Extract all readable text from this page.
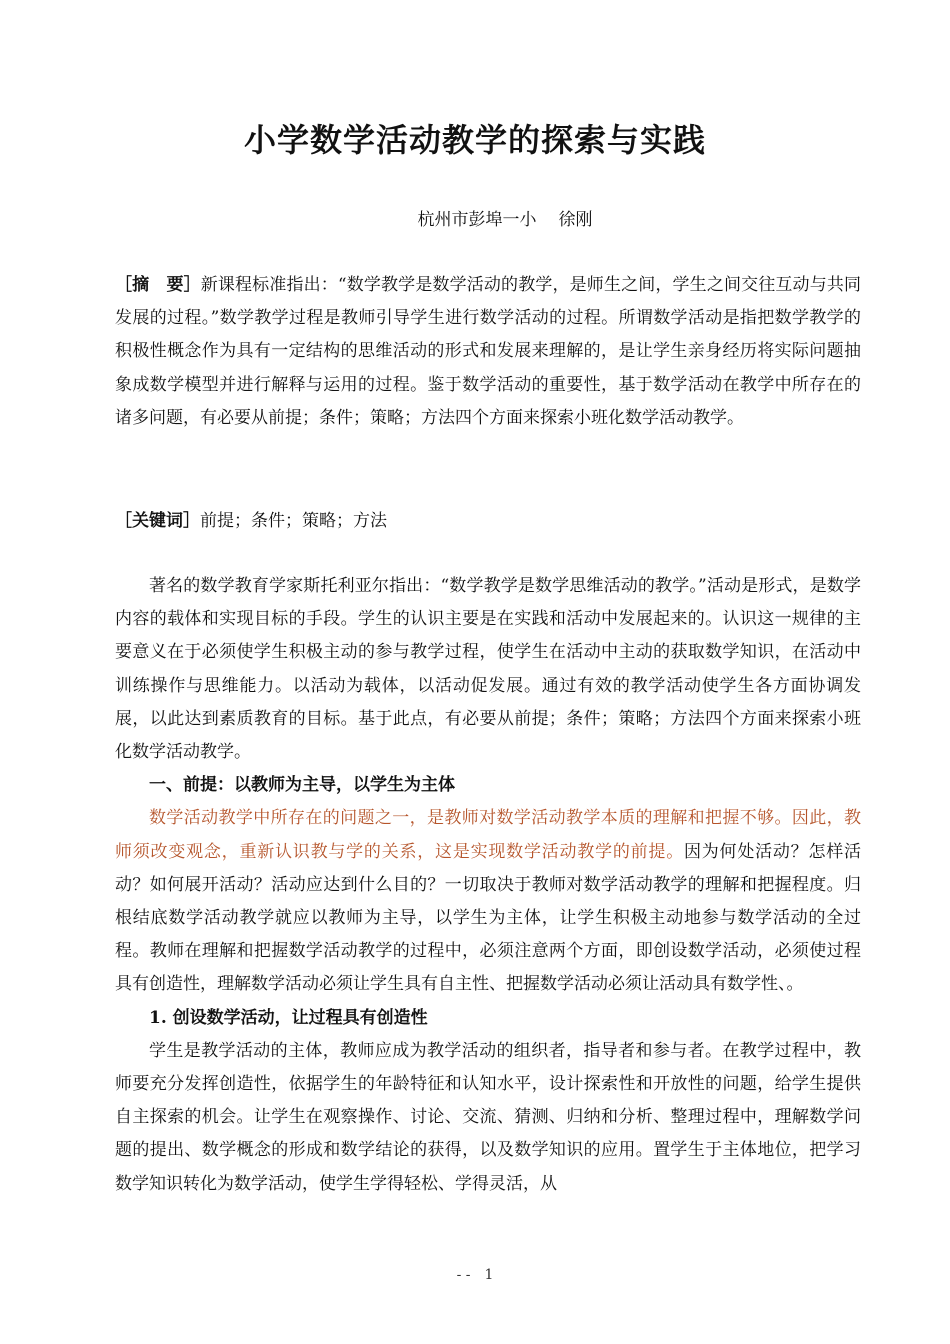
小学数学活动教学的探索与实践
杭州市彭埠一小 徐刚
［摘　要］新课程标准指出：“数学教学是数学活动的教学，是师生之间，学生之间交往互动与共同发展的过程。”数学教学过程是教师引导学生进行数学活动的过程。所谓数学活动是指把数学教学的积极性概念作为具有一定结构的思维活动的形式和发展来理解的，是让学生亲身经历将实际问题抽象成数学模型并进行解释与运用的过程。鉴于数学活动的重要性，基于数学活动在教学中所存在的诸多问题，有必要从前提；条件；策略；方法四个方面来探索小班化数学活动教学。
［关键词］前提；条件；策略；方法

著名的数学教育学家斯托利亚尔指出：“数学教学是数学思维活动的教学。”活动是形式，是数学内容的载体和实现目标的手段。学生的认识主要是在实践和活动中发展起来的。认识这一规律的主要意义在于必须使学生积极主动的参与教学过程，使学生在活动中主动的获取数学知识，在活动中训练操作与思维能力。以活动为载体，以活动促发展。通过有效的教学活动使学生各方面协调发展，以此达到素质教育的目标。基于此点，有必要从前提；条件；策略；方法四个方面来探索小班化数学活动教学。

一、前提：以教师为主导，以学生为主体

数学活动教学中所存在的问题之一，是教师对数学活动教学本质的理解和把握不够。因此，教师须改变观念，重新认识教与学的关系，这是实现数学活动教学的前提。因为何处活动？怎样活动？如何展开活动？活动应达到什么目的？一切取决于教师对数学活动教学的理解和把握程度。归根结底数学活动教学就应以教师为主导，以学生为主体，让学生积极主动地参与数学活动的全过程。教师在理解和把握数学活动教学的过程中，必须注意两个方面，即创设数学活动，必须使过程具有创造性，理解数学活动必须让学生具有自主性、把握数学活动必须让活动具有数学性、。

1. 创设数学活动，让过程具有创造性

学生是教学活动的主体，教师应成为教学活动的组织者，指导者和参与者。在教学过程中，教师要充分发挥创造性，依据学生的年龄特征和认知水平，设计探索性和开放性的问题，给学生提供自主探索的机会。让学生在观察操作、讨论、交流、猜测、归纳和分析、整理过程中，理解数学问题的提出、数学概念的形成和数学结论的获得，以及数学知识的应用。置学生于主体地位，把学习数学知识转化为数学活动，使学生学得轻松、学得灵活，从

- -　1
